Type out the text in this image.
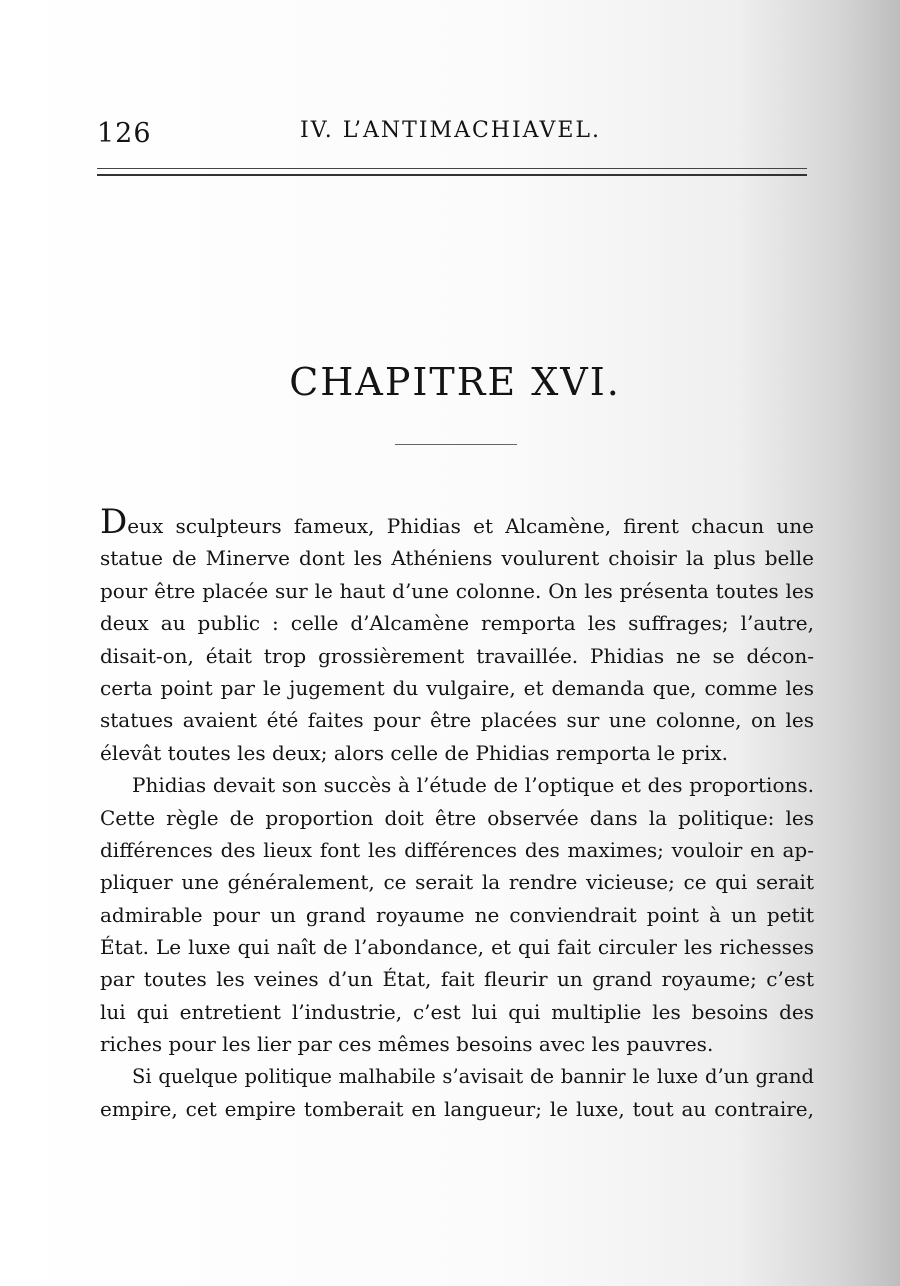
126	IV. L’ANTIMACHIAVEL.
CHAPITRE XVI.
Deux sculpteurs fameux, Phidias et Alcamène, firent chacun une
statue de Minerve dont les Athéniens voulurent choisir la plus belle
pour être placée sur le haut d’une colonne. On les présenta toutes les
deux au public : celle d’Alcamène remporta les suffrages; l’autre,
disait-on, était trop grossièrement travaillée. Phidias ne se décon-
certa point par le jugement du vulgaire, et demanda que, comme les
statues avaient été faites pour être placées sur une colonne, on les
élevât toutes les deux; alors celle de Phidias remporta le prix.
Phidias devait son succès à l’étude de l’optique et des proportions.
Cette règle de proportion doit être observée dans la politique: les
différences des lieux font les différences des maximes; vouloir en ap-
pliquer une généralement, ce serait la rendre vicieuse; ce qui serait
admirable pour un grand royaume ne conviendrait point à un petit
État. Le luxe qui naît de l’abondance, et qui fait circuler les richesses
par toutes les veines d’un État, fait fleurir un grand royaume; c’est
lui qui entretient l’industrie, c’est lui qui multiplie les besoins des
riches pour les lier par ces mêmes besoins avec les pauvres.
Si quelque politique malhabile s’avisait de bannir le luxe d’un grand
empire, cet empire tomberait en langueur; le luxe, tout au contraire,
